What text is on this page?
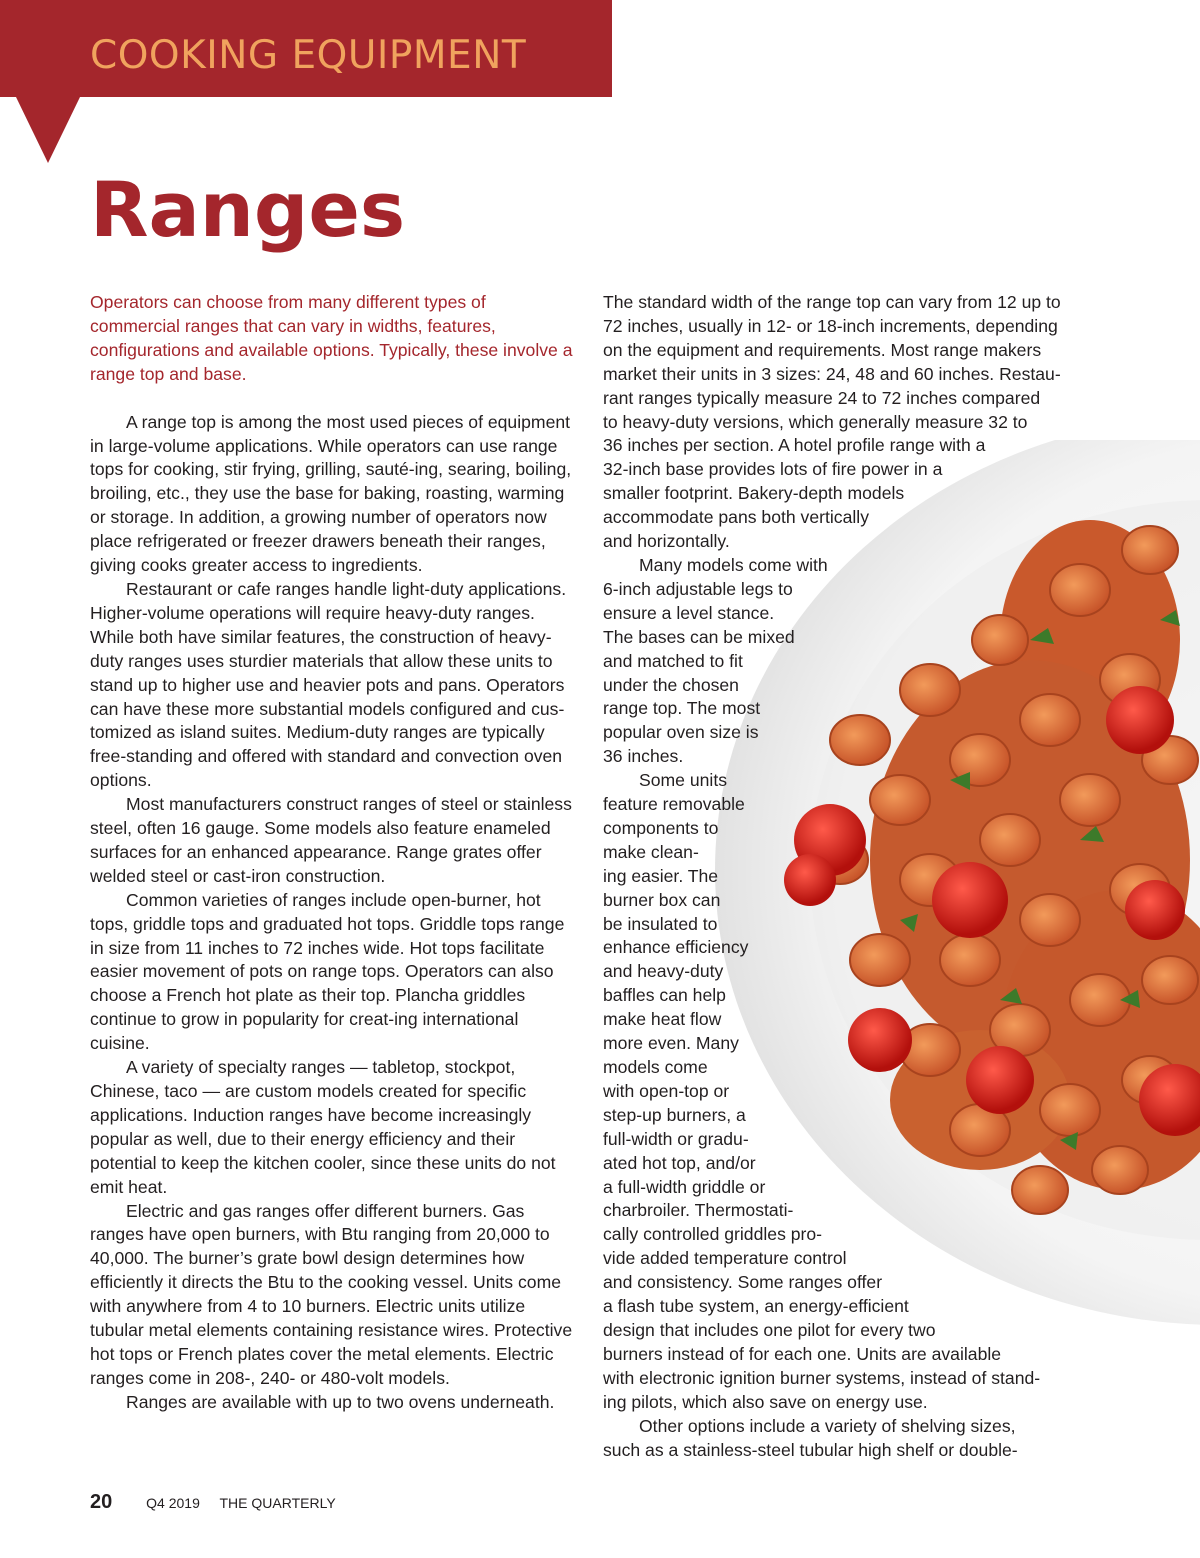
COOKING EQUIPMENT
Ranges

Operators can choose from many different types of commercial ranges that can vary in widths, features, configurations and available options. Typically, these involve a range top and base.

A range top is among the most used pieces of equipment in large-volume applications. While operators can use range tops for cooking, stir frying, grilling, sauté-ing, searing, boiling, broiling, etc., they use the base for baking, roasting, warming or storage. In addition, a growing number of operators now place refrigerated or freezer drawers beneath their ranges, giving cooks greater access to ingredients.

Restaurant or cafe ranges handle light-duty applications. Higher-volume operations will require heavy-duty ranges. While both have similar features, the construction of heavy-duty ranges uses sturdier materials that allow these units to stand up to higher use and heavier pots and pans. Operators can have these more substantial models configured and cus-tomized as island suites. Medium-duty ranges are typically free-standing and offered with standard and convection oven options.

Most manufacturers construct ranges of steel or stainless steel, often 16 gauge. Some models also feature enameled surfaces for an enhanced appearance. Range grates offer welded steel or cast-iron construction.

Common varieties of ranges include open-burner, hot tops, griddle tops and graduated hot tops. Griddle tops range in size from 11 inches to 72 inches wide. Hot tops facilitate easier movement of pots on range tops. Operators can also choose a French hot plate as their top. Plancha griddles continue to grow in popularity for creat-ing international cuisine.

A variety of specialty ranges — tabletop, stockpot, Chinese, taco — are custom models created for specific applications. Induction ranges have become increasingly popular as well, due to their energy efficiency and their potential to keep the kitchen cooler, since these units do not emit heat.

Electric and gas ranges offer different burners. Gas ranges have open burners, with Btu ranging from 20,000 to 40,000. The burner’s grate bowl design determines how efficiently it directs the Btu to the cooking vessel. Units come with anywhere from 4 to 10 burners. Electric units utilize tubular metal elements containing resistance wires. Protective hot tops or French plates cover the metal elements. Electric ranges come in 208-, 240- or 480-volt models.

Ranges are available with up to two ovens underneath.

The standard width of the range top can vary from 12 up to
72 inches, usually in 12- or 18-inch increments, depending
on the equipment and requirements. Most range makers
market their units in 3 sizes: 24, 48 and 60 inches. Restau-
rant ranges typically measure 24 to 72 inches compared
to heavy-duty versions, which generally measure 32 to
36 inches per section. A hotel profile range with a
32-inch base provides lots of fire power in a
smaller footprint. Bakery-depth models
accommodate pans both vertically
and horizontally.
Many models come with
6-inch adjustable legs to
ensure a level stance.
The bases can be mixed
and matched to fit
under the chosen
range top. The most
popular oven size is
36 inches.
Some units
feature removable
components to
make clean-
ing easier. The
burner box can
be insulated to
enhance efficiency
and heavy-duty
baffles can help
make heat flow
more even. Many
models come
with open-top or
step-up burners, a
full-width or gradu-
ated hot top, and/or
a full-width griddle or
charbroiler. Thermostati-
cally controlled griddles pro-
vide added temperature control
and consistency. Some ranges offer
a flash tube system, an energy-efficient
design that includes one pilot for every two
burners instead of for each one. Units are available
with electronic ignition burner systems, instead of stand-
ing pilots, which also save on energy use.
Other options include a variety of shelving sizes,
such as a stainless-steel tubular high shelf or double-
20 Q4 2019 THE QUARTERLY
